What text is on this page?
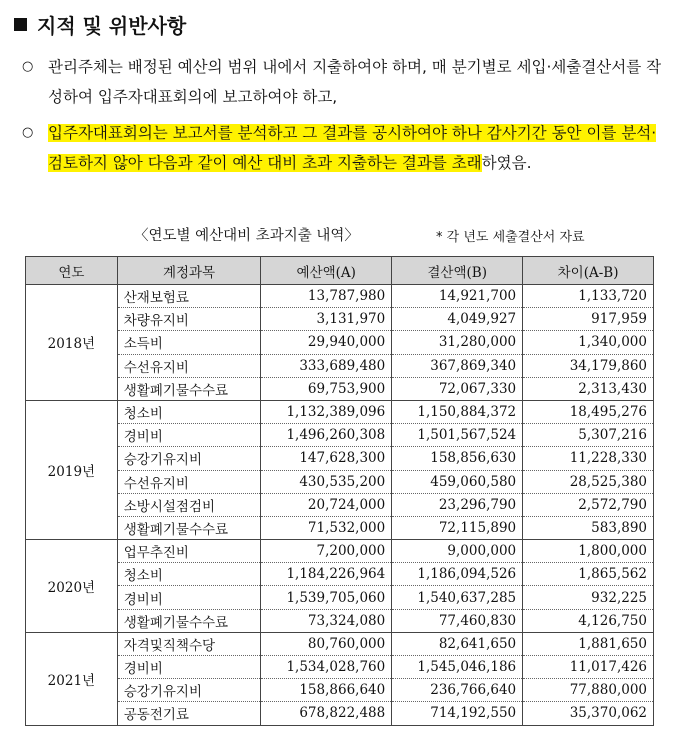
지적 및 위반사항
○ 관리주체는 배정된 예산의 범위 내에서 지출하여야 하며, 매 분기별로 세입·세출결산서를 작성하여 입주자대표회의에 보고하여야 하고,
○ 입주자대표회의는 보고서를 분석하고 그 결과를 공시하여야 하나 감사기간 동안 이를 분석·검토하지 않아 다음과 같이 예산 대비 초과 지출하는 결과를 초래하였음.
〈연도별 예산대비 초과지출 내역〉	* 각 년도 세출결산서 자료
연도	계정과목	예산액(A)	결산액(B)	차이(A-B)
2018년	산재보험료	13,787,980	14,921,700	1,133,720
	차량유지비	3,131,970	4,049,927	917,959
	소득비	29,940,000	31,280,000	1,340,000
	수선유지비	333,689,480	367,869,340	34,179,860
	생활폐기물수수료	69,753,900	72,067,330	2,313,430
2019년	청소비	1,132,389,096	1,150,884,372	18,495,276
	경비비	1,496,260,308	1,501,567,524	5,307,216
	승강기유지비	147,628,300	158,856,630	11,228,330
	수선유지비	430,535,200	459,060,580	28,525,380
	소방시설점검비	20,724,000	23,296,790	2,572,790
	생활폐기물수수료	71,532,000	72,115,890	583,890
2020년	업무추진비	7,200,000	9,000,000	1,800,000
	청소비	1,184,226,964	1,186,094,526	1,865,562
	경비비	1,539,705,060	1,540,637,285	932,225
	생활폐기물수수료	73,324,080	77,460,830	4,126,750
2021년	자격및직책수당	80,760,000	82,641,650	1,881,650
	경비비	1,534,028,760	1,545,046,186	11,017,426
	승강기유지비	158,866,640	236,766,640	77,880,000
	공동전기료	678,822,488	714,192,550	35,370,062
